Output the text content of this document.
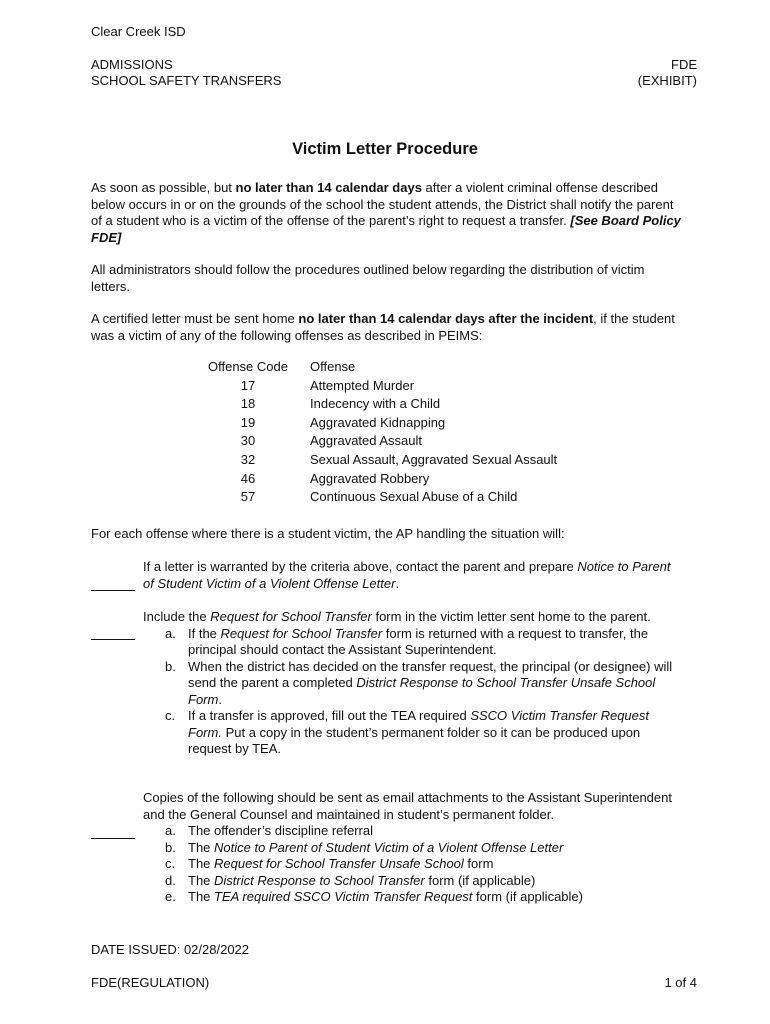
Clear Creek ISD
ADMISSIONS
SCHOOL SAFETY TRANSFERS
FDE
(EXHIBIT)
Victim Letter Procedure

As soon as possible, but no later than 14 calendar days after a violent criminal offense described below occurs in or on the grounds of the school the student attends, the District shall notify the parent of a student who is a victim of the offense of the parent’s right to request a transfer. [See Board Policy FDE]

All administrators should follow the procedures outlined below regarding the distribution of victim letters.

A certified letter must be sent home no later than 14 calendar days after the incident, if the student was a victim of any of the following offenses as described in PEIMS:

Offense Code	Offense
17	Attempted Murder
18	Indecency with a Child
19	Aggravated Kidnapping
30	Aggravated Assault
32	Sexual Assault, Aggravated Sexual Assault
46	Aggravated Robbery
57	Continuous Sexual Abuse of a Child

For each offense where there is a student victim, the AP handling the situation will:

If a letter is warranted by the criteria above, contact the parent and prepare Notice to Parent of Student Victim of a Violent Offense Letter.

Include the Request for School Transfer form in the victim letter sent home to the parent.

a. If the Request for School Transfer form is returned with a request to transfer, the principal should contact the Assistant Superintendent.
b. When the district has decided on the transfer request, the principal (or designee) will send the parent a completed District Response to School Transfer Unsafe School Form.
c. If a transfer is approved, fill out the TEA required SSCO Victim Transfer Request Form. Put a copy in the student’s permanent folder so it can be produced upon request by TEA.

Copies of the following should be sent as email attachments to the Assistant Superintendent and the General Counsel and maintained in student’s permanent folder.

a. The offender’s discipline referral
b. The Notice to Parent of Student Victim of a Violent Offense Letter
c. The Request for School Transfer Unsafe School form
d. The District Response to School Transfer form (if applicable)
e. The TEA required SSCO Victim Transfer Request form (if applicable)
DATE ISSUED: 02/28/2022
FDE(REGULATION)	1 of 4
